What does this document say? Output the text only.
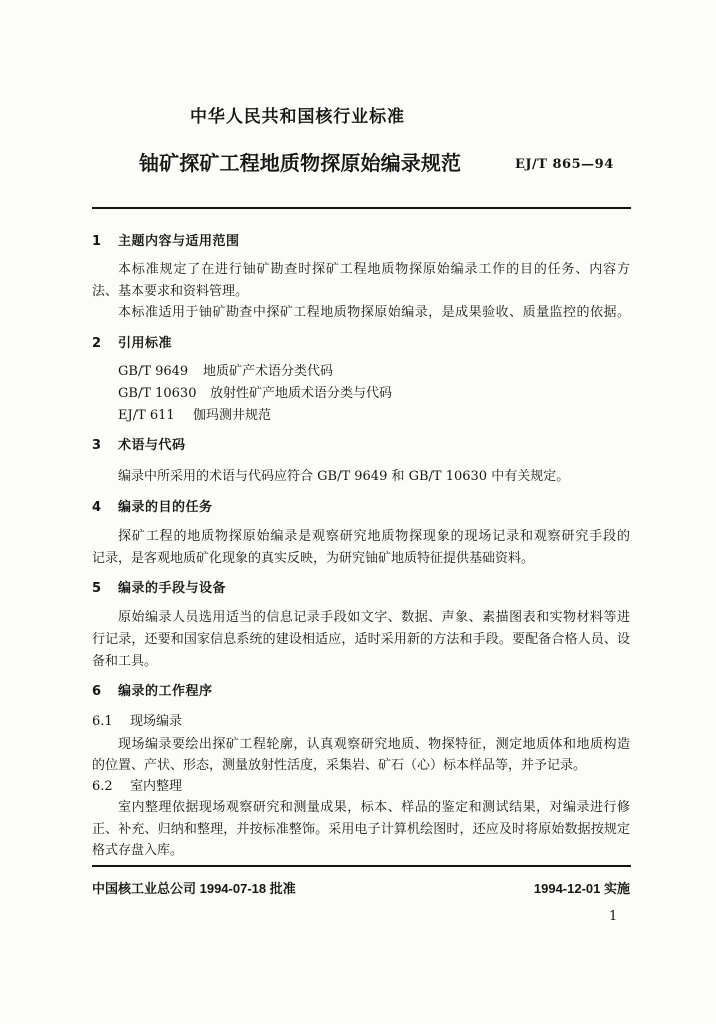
中华人民共和国核行业标准
铀矿探矿工程地质物探原始编录规范	EJ/T 865—94
1 主题内容与适用范围
本标准规定了在进行铀矿勘查时探矿工程地质物探原始编录工作的目的任务、内容方
法、基本要求和资料管理。
本标准适用于铀矿勘查中探矿工程地质物探原始编录，是成果验收、质量监控的依据。
2 引用标准
GB/T 9649 地质矿产术语分类代码
GB/T 10630 放射性矿产地质术语分类与代码
EJ/T 611 伽玛测井规范
3 术语与代码
编录中所采用的术语与代码应符合 GB/T 9649 和 GB/T 10630 中有关规定。
4 编录的目的任务
探矿工程的地质物探原始编录是观察研究地质物探现象的现场记录和观察研究手段的
记录，是客观地质矿化现象的真实反映，为研究铀矿地质特征提供基础资料。
5 编录的手段与设备
原始编录人员选用适当的信息记录手段如文字、数据、声象、素描图表和实物材料等进
行记录，还要和国家信息系统的建设相适应，适时采用新的方法和手段。要配备合格人员、设
备和工具。
6 编录的工作程序
6.1 现场编录
现场编录要绘出探矿工程轮廓，认真观察研究地质、物探特征，测定地质体和地质构造
的位置、产状、形态，测量放射性活度，采集岩、矿石（心）标本样品等，并予记录。
6.2 室内整理
室内整理依据现场观察研究和测量成果，标本、样品的鉴定和测试结果，对编录进行修
正、补充、归纳和整理，并按标准整饰。采用电子计算机绘图时，还应及时将原始数据按规定
格式存盘入库。
中国核工业总公司 1994-07-18 批准	1994-12-01 实施
1
